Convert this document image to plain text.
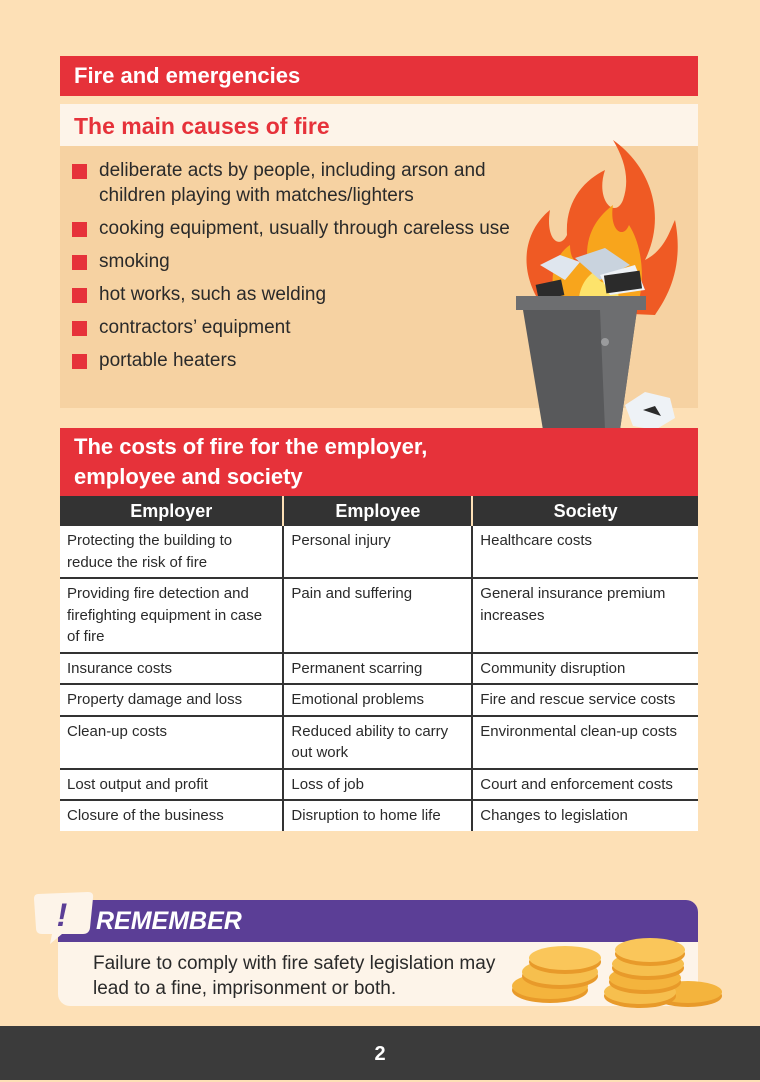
Fire and emergencies
The main causes of fire
deliberate acts by people, including arson and children playing with matches/lighters
cooking equipment, usually through careless use
smoking
hot works, such as welding
contractors’ equipment
portable heaters
The costs of fire for the employer,
employee and society
Employer	Employee	Society
Protecting the building to reduce the risk of fire	Personal injury	Healthcare costs
Providing fire detection and firefighting equipment in case of fire	Pain and suffering	General insurance premium increases
Insurance costs	Permanent scarring	Community disruption
Property damage and loss	Emotional problems	Fire and rescue service costs
Clean-up costs	Reduced ability to carry out work	Environmental clean-up costs
Lost output and profit	Loss of job	Court and enforcement costs
Closure of the business	Disruption to home life	Changes to legislation
! REMEMBER
Failure to comply with fire safety legislation may lead to a fine, imprisonment or both.
2
